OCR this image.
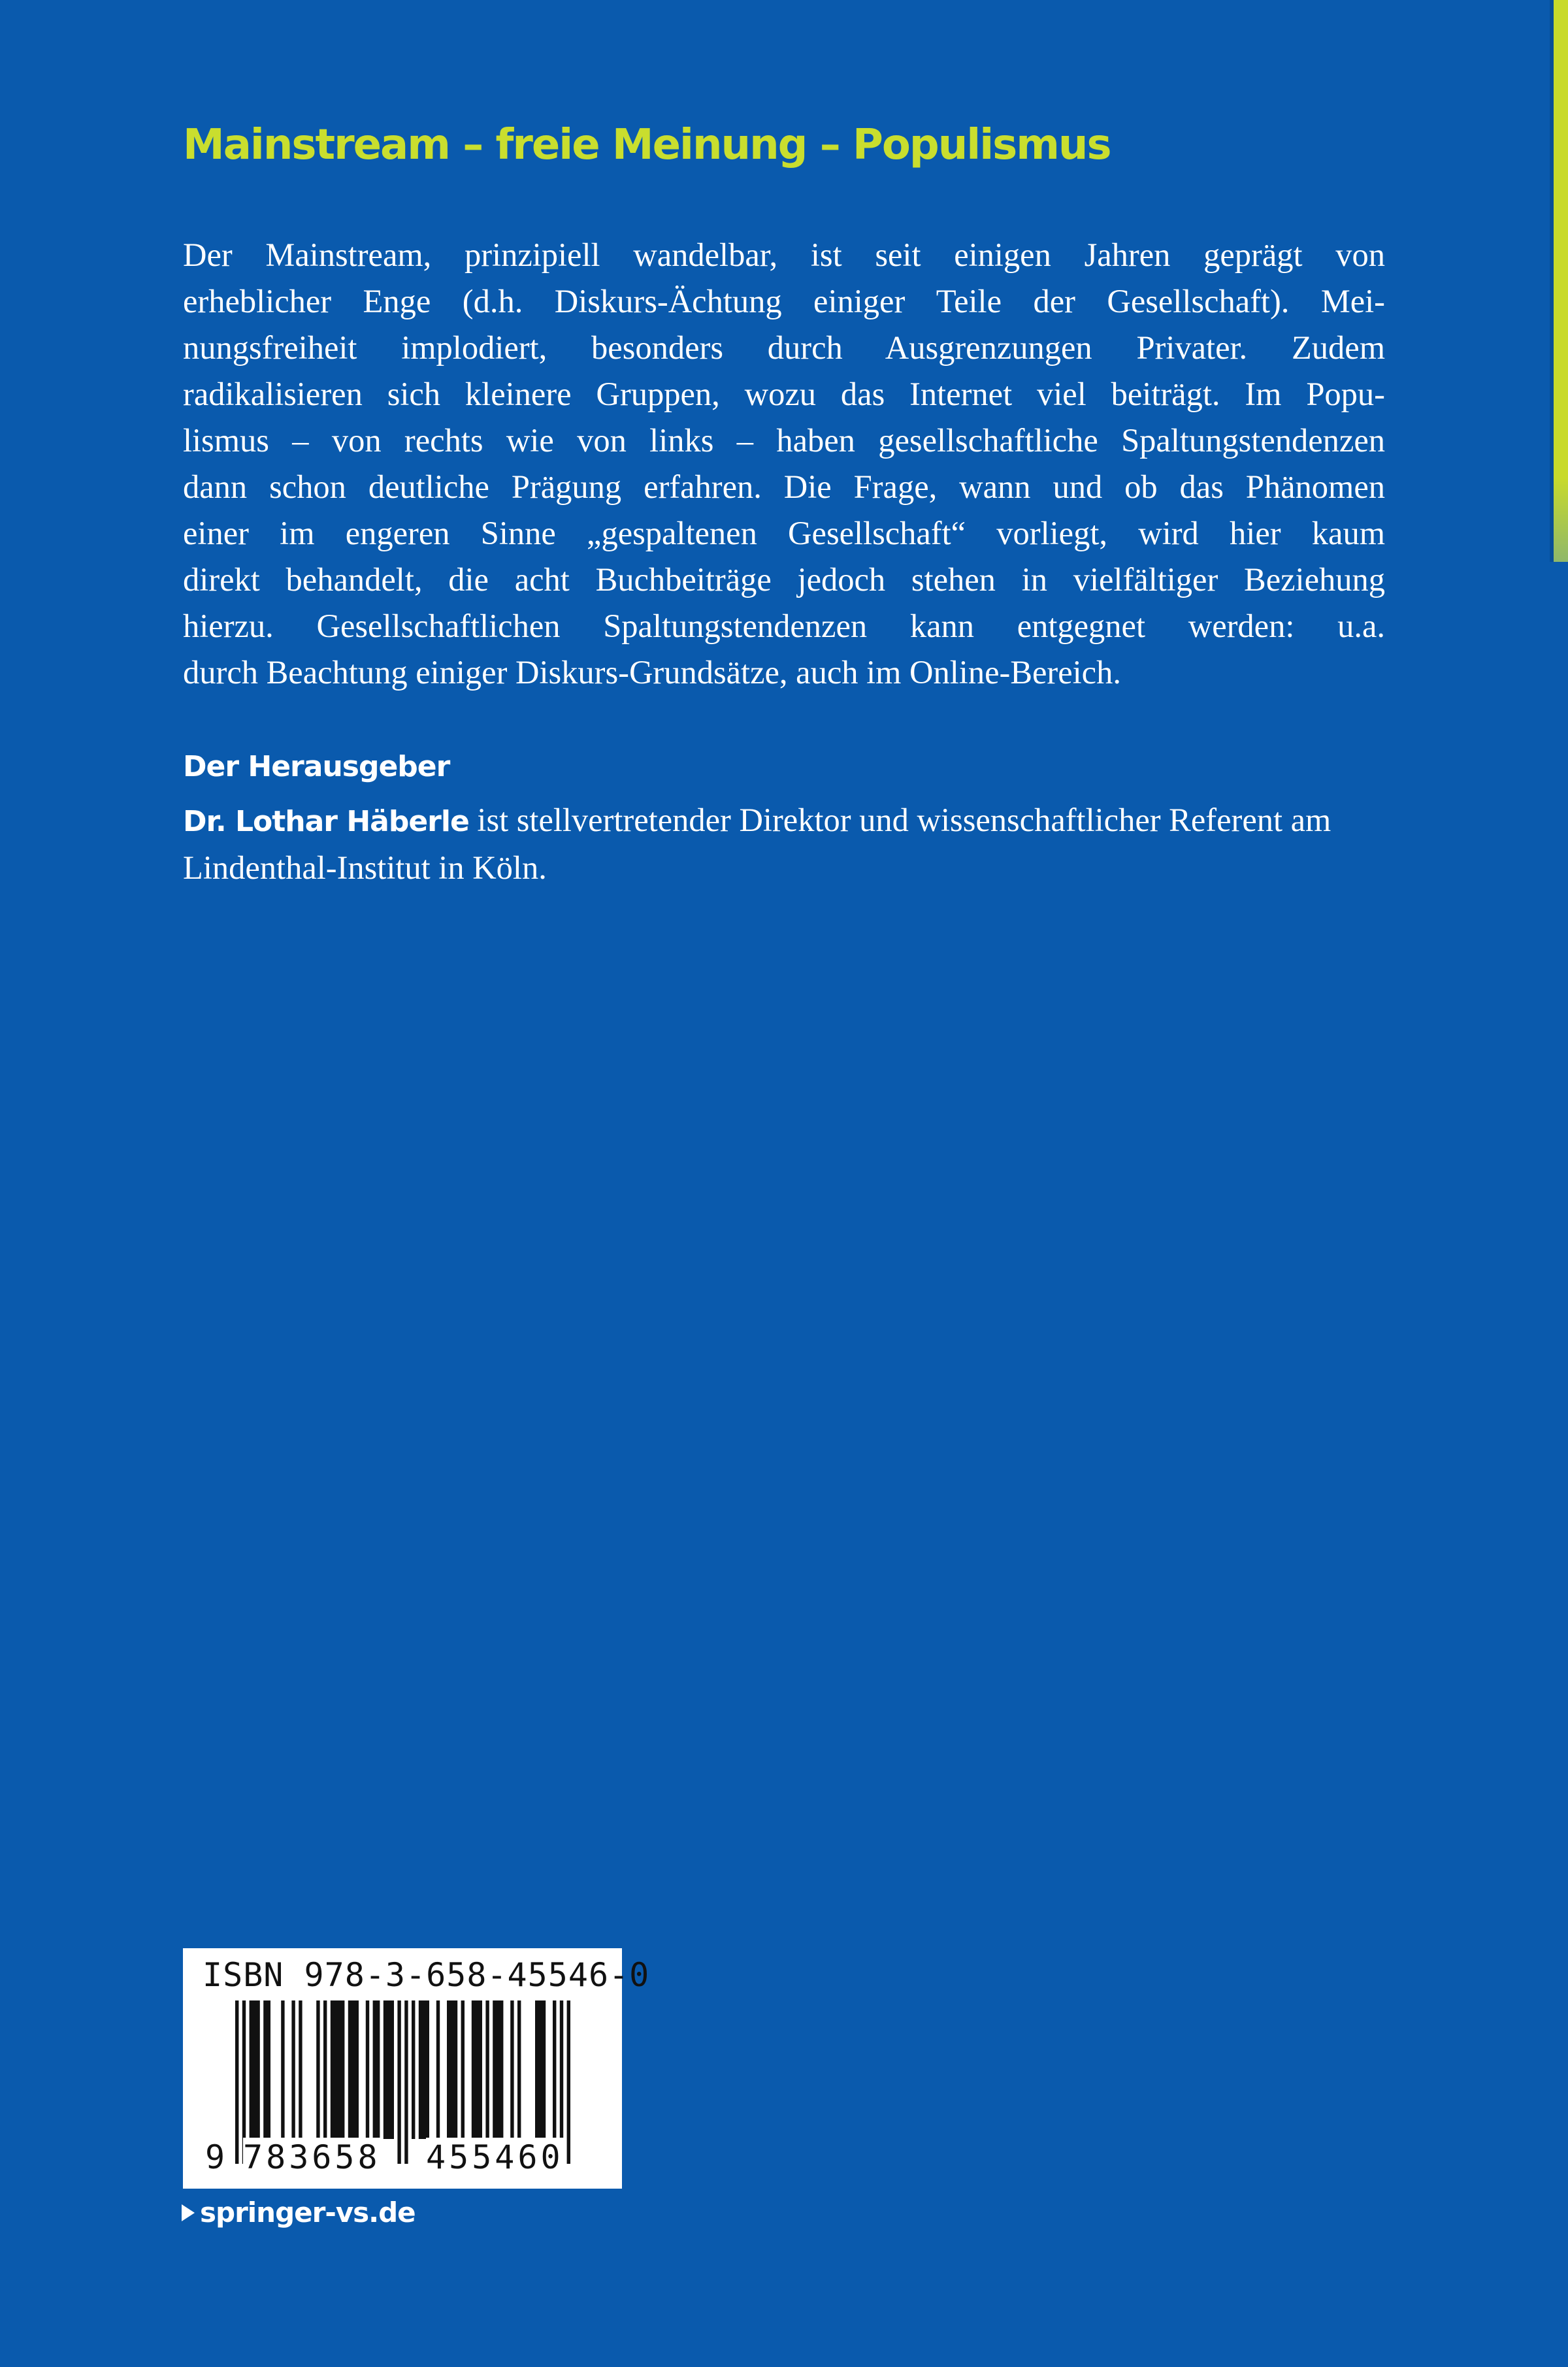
Mainstream – freie Meinung – Populismus

Der Mainstream, prinzipiell wandelbar, ist seit einigen Jahren geprägt von
erheblicher Enge (d.h. Diskurs-Ächtung einiger Teile der Gesellschaft). Mei-
nungsfreiheit implodiert, besonders durch Ausgrenzungen Privater. Zudem
radikalisieren sich kleinere Gruppen, wozu das Internet viel beiträgt. Im Popu-
lismus – von rechts wie von links – haben gesellschaftliche Spaltungstendenzen
dann schon deutliche Prägung erfahren. Die Frage, wann und ob das Phänomen
einer im engeren Sinne „gespaltenen Gesellschaft“ vorliegt, wird hier kaum
direkt behandelt, die acht Buchbeiträge jedoch stehen in vielfältiger Beziehung
hierzu. Gesellschaftlichen Spaltungstendenzen kann entgegnet werden: u.a.
durch Beachtung einiger Diskurs-Grundsätze, auch im Online-Bereich.

Der Herausgeber

Dr. Lothar Häberle ist stellvertretender Direktor und wissenschaftlicher Referent am Lindenthal-Institut in Köln.

ISBN 978-3-658-45546-0
9 783658 455460
springer-vs.de
